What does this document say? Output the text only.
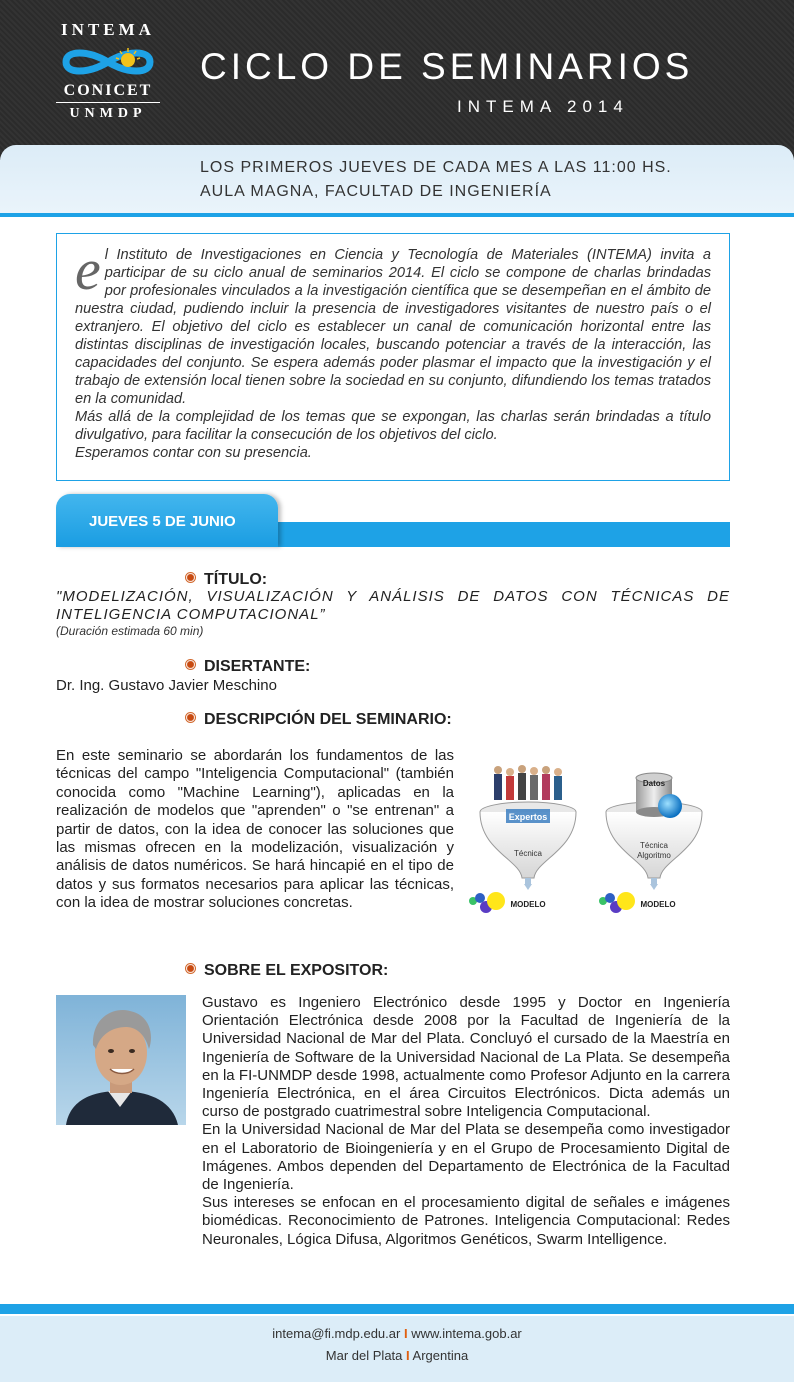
INTEMA
CONICET
UNMDP
CICLO DE SEMINARIOS
INTEMA 2014
LOS PRIMEROS JUEVES DE CADA MES A LAS 11:00 HS.
AULA MAGNA, FACULTAD DE INGENIERÍA
e l Instituto de Investigaciones en Ciencia y Tecnología de Materiales (INTEMA) invita a participar de su ciclo anual de seminarios 2014. El ciclo se compone de charlas brindadas por profesionales vinculados a la investigación científica que se desempeñan en el ámbito de nuestra ciudad, pudiendo incluir la presencia de investigadores visitantes de nuestro país o el extranjero. El objetivo del ciclo es establecer un canal de comunicación horizontal entre las distintas disciplinas de investigación locales, buscando potenciar a través de la interacción, las capacidades del conjunto. Se espera además poder plasmar el impacto que la investigación y el trabajo de extensión local tienen sobre la sociedad en su conjunto, difundiendo los temas tratados en la comunidad.

Más allá de la complejidad de los temas que se expongan, las charlas serán brindadas a título divulgativo, para facilitar la consecución de los objetivos del ciclo.

Esperamos contar con su presencia.

JUEVES 5 DE JUNIO
TÍTULO:
"MODELIZACIÓN, VISUALIZACIÓN Y ANÁLISIS DE DATOS CON TÉCNICAS DE INTELIGENCIA COMPUTACIONAL”
(Duración estimada 60 min)
DISERTANTE:
Dr. Ing. Gustavo Javier Meschino
DESCRIPCIÓN DEL SEMINARIO:
En este seminario se abordarán los fundamentos de las técnicas del campo "Inteligencia Computacional" (también conocida como "Machine Learning"), aplicadas en la realización de modelos que "aprenden" o "se entrenan" a partir de datos, con la idea de conocer las soluciones que las mismas ofrecen en la modelización, visualización y análisis de datos numéricos. Se hará hincapié en el tipo de datos y sus formatos necesarios para aplicar las técnicas, con la idea de mostrar soluciones concretas.
Expertos
Técnica
MODELO
Datos
Técnica
Algoritmo
MODELO
SOBRE EL EXPOSITOR:

Gustavo es Ingeniero Electrónico desde 1995 y Doctor en Ingeniería Orientación Electrónica desde 2008 por la Facultad de Ingeniería de la Universidad Nacional de Mar del Plata. Concluyó el cursado de la Maestría en Ingeniería de Software de la Universidad Nacional de La Plata. Se desempeña en la FI-UNMDP desde 1998, actualmente como Profesor Adjunto en la carrera Ingeniería Electrónica, en el área Circuitos Electrónicos. Dicta además un curso de postgrado cuatrimestral sobre Inteligencia Computacional.

En la Universidad Nacional de Mar del Plata se desempeña como investigador en el Laboratorio de Bioingeniería y en el Grupo de Procesamiento Digital de Imágenes. Ambos dependen del Departamento de Electrónica de la Facultad de Ingeniería.

Sus intereses se enfocan en el procesamiento digital de señales e imágenes biomédicas. Reconocimiento de Patrones. Inteligencia Computacional: Redes Neuronales, Lógica Difusa, Algoritmos Genéticos, Swarm Intelligence.

intema@fi.mdp.edu.ar I www.intema.gob.ar
Mar del Plata I Argentina
